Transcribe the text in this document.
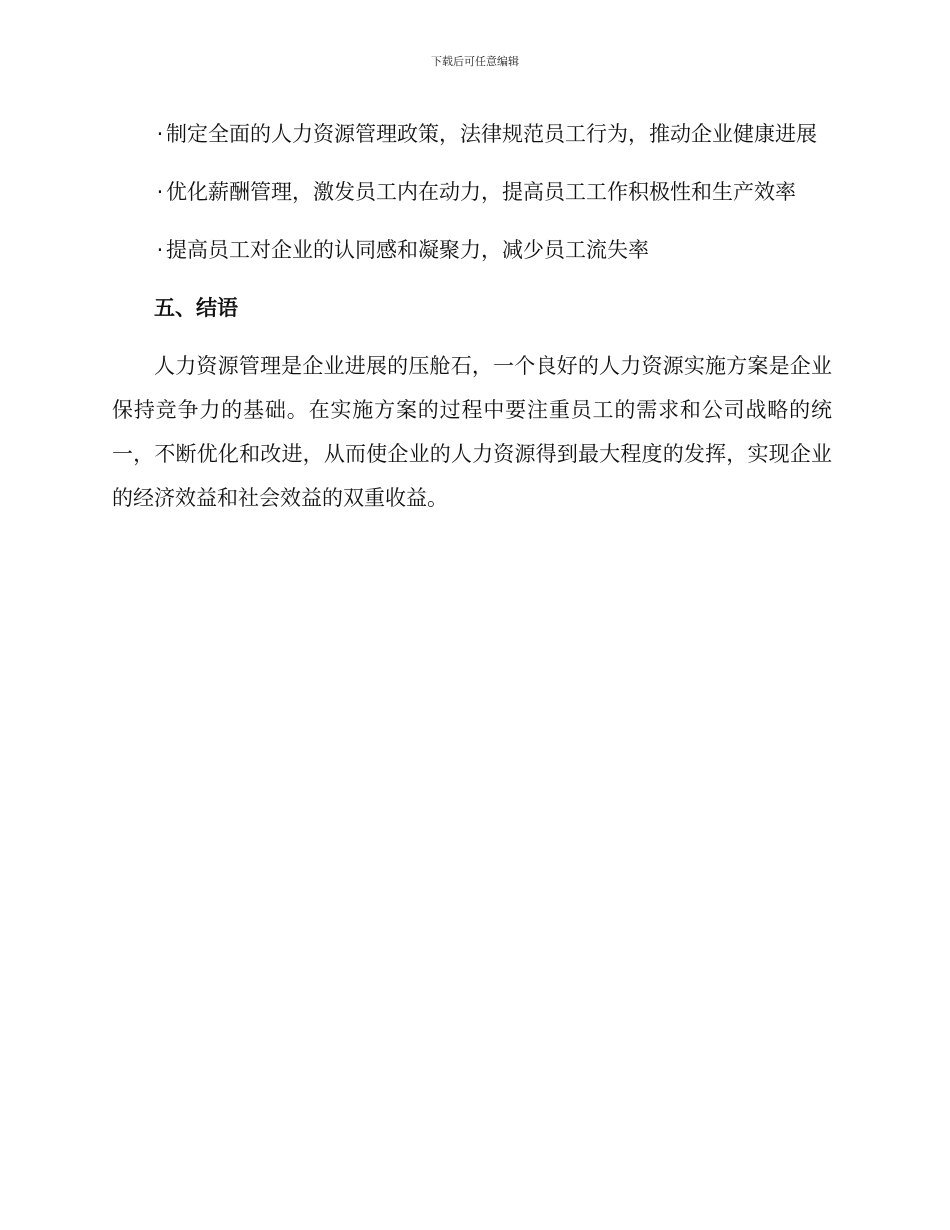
下载后可任意编辑

· 制定全面的人力资源管理政策，法律规范员工行为，推动企业健康进展

· 优化薪酬管理，激发员工内在动力，提高员工工作积极性和生产效率

· 提高员工对企业的认同感和凝聚力，减少员工流失率

五、结语

人力资源管理是企业进展的压舱石，一个良好的人力资源实施方案是企业保持竞争力的基础。在实施方案的过程中要注重员工的需求和公司战略的统一，不断优化和改进，从而使企业的人力资源得到最大程度的发挥，实现企业的经济效益和社会效益的双重收益。
